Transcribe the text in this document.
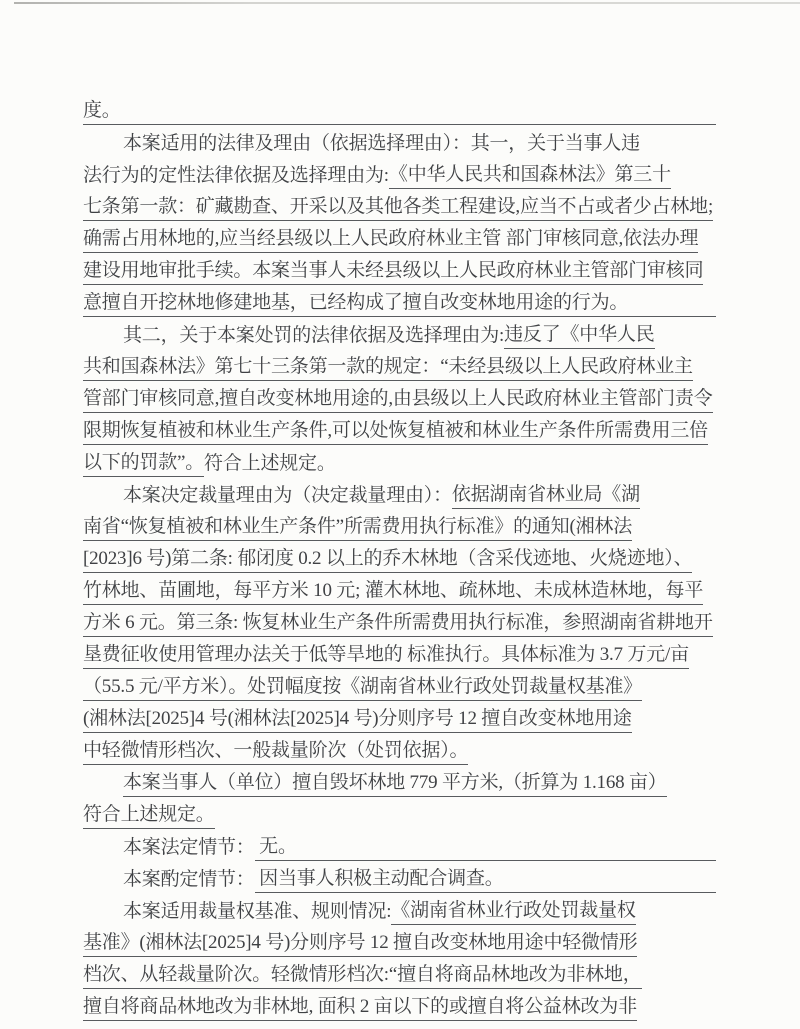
度。
本案适用的法律及理由（依据选择理由）：其一，关于当事人违
法行为的定性法律依据及选择理由为: 《中华人民共和国森林法》第三十
七条第一款：矿藏勘查、开采以及其他各类工程建设,应当不占或者少占林地;
确需占用林地的,应当经县级以上人民政府林业主管 部门审核同意,依法办理
建设用地审批手续。本案当事人未经县级以上人民政府林业主管部门审核同
意擅自开挖林地修建地基，已经构成了擅自改变林地用途的行为。
其二，关于本案处罚的法律依据及选择理由为: 违反了《中华人民
共和国森林法》第七十三条第一款的规定：“未经县级以上人民政府林业主
管部门审核同意,擅自改变林地用途的,由县级以上人民政府林业主管部门责令
限期恢复植被和林业生产条件,可以处恢复植被和林业生产条件所需费用三倍
以下的罚款”。 符合上述规定。
本案决定裁量理由为（决定裁量理由）： 依据湖南省林业局《湖
南省“恢复植被和林业生产条件”所需费用执行标准》的通知(湘林法
[2023]6 号)第二条: 郁闭度 0.2 以上的乔木林地（含采伐迹地、火烧迹地）、
竹林地、苗圃地，每平方米 10 元; 灌木林地、疏林地、未成林造林地，每平
方米 6 元。第三条: 恢复林业生产条件所需费用执行标准，参照湖南省耕地开
垦费征收使用管理办法关于低等旱地的 标准执行。具体标准为 3.7 万元/亩
（55.5 元/平方米）。处罚幅度按《湖南省林业行政处罚裁量权基准》
(湘林法[2025]4 号(湘林法[2025]4 号)分则序号 12 擅自改变林地用途
中轻微情形档次、一般裁量阶次（处罚依据）。
本案当事人（单位）擅自毁坏林地 779 平方米,（折算为 1.168 亩）
符合上述规定。
本案法定情节： 无。
本案酌定情节： 因当事人积极主动配合调查。
本案适用裁量权基准、规则情况: 《湖南省林业行政处罚裁量权
基准》(湘林法[2025]4 号)分则序号 12 擅自改变林地用途中轻微情形
档次、从轻裁量阶次。轻微情形档次:“擅自将商品林地改为非林地，
擅自将商品林地改为非林地, 面积 2 亩以下的或擅自将公益林改为非
